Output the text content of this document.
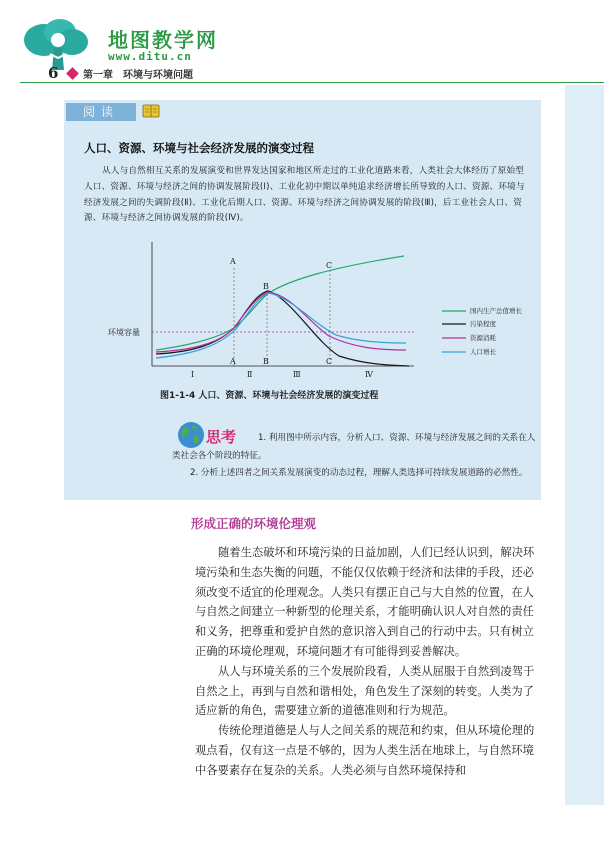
地图教学网
www.ditu.cn
6 第一章　环境与环境问题
阅读
人口、资源、环境与社会经济发展的演变过程
从人与自然相互关系的发展演变和世界发达国家和地区所走过的工业化道路来看，人类社会大体经历了原始型人口、资源、环境与经济之间的协调发展阶段(Ⅰ)、工业化初中期以单纯追求经济增长所导致的人口、资源、环境与经济发展之间的失调阶段(Ⅱ)、工业化后期人口、资源、环境与经济之间协调发展的阶段(Ⅲ)，后工业社会人口、资源、环境与经济之间协调发展的阶段(Ⅳ)。
环境容量
A
B
C
A	B	C
Ⅰ	Ⅱ	Ⅲ	Ⅳ
国内生产总值增长
污染程度
资源消耗
人口增长
图1-1-4 人口、资源、环境与社会经济发展的演变过程
思考	1. 利用图中所示内容，分析人口、资源、环境与经济发展之间的关系在人类社会各个阶段的特征。
2. 分析上述四者之间关系发展演变的动态过程，理解人类选择可持续发展道路的必然性。
形成正确的环境伦理观

随着生态破坏和环境污染的日益加剧，人们已经认识到，解决环境污染和生态失衡的问题，不能仅仅依赖于经济和法律的手段，还必须改变不适宜的伦理观念。人类只有摆正自己与大自然的位置，在人与自然之间建立一种新型的伦理关系，才能明确认识人对自然的责任和义务，把尊重和爱护自然的意识溶入到自己的行动中去。只有树立正确的环境伦理观，环境问题才有可能得到妥善解决。

从人与环境关系的三个发展阶段看，人类从屈服于自然到凌驾于自然之上，再到与自然和谐相处，角色发生了深刻的转变。人类为了适应新的角色，需要建立新的道德准则和行为规范。

传统伦理道德是人与人之间关系的规范和约束，但从环境伦理的观点看，仅有这一点是不够的，因为人类生活在地球上，与自然环境中各要素存在复杂的关系。人类必须与自然环境保持和
